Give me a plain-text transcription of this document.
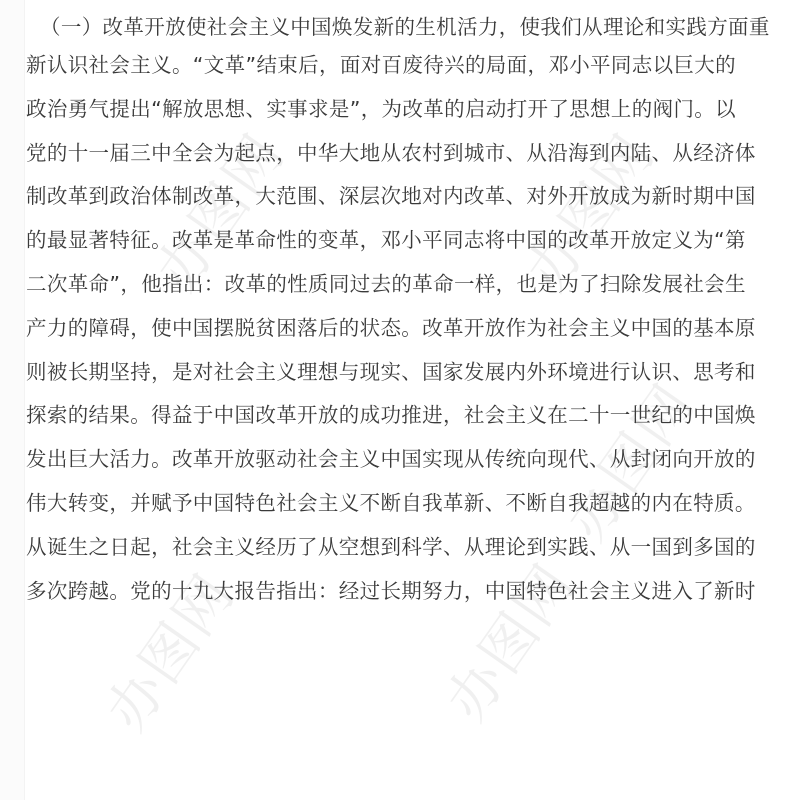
办图网	办图网
办图网
办图网	办图网
（一）改革开放使社会主义中国焕发新的生机活力，使我们从理论和实践方面重
新认识社会主义。“文革”结束后，面对百废待兴的局面，邓小平同志以巨大的
政治勇气提出“解放思想、实事求是”，为改革的启动打开了思想上的阀门。以
党的十一届三中全会为起点，中华大地从农村到城市、从沿海到内陆、从经济体
制改革到政治体制改革，大范围、深层次地对内改革、对外开放成为新时期中国
的最显著特征。改革是革命性的变革，邓小平同志将中国的改革开放定义为“第
二次革命”，他指出：改革的性质同过去的革命一样，也是为了扫除发展社会生
产力的障碍，使中国摆脱贫困落后的状态。改革开放作为社会主义中国的基本原
则被长期坚持，是对社会主义理想与现实、国家发展内外环境进行认识、思考和
探索的结果。得益于中国改革开放的成功推进，社会主义在二十一世纪的中国焕
发出巨大活力。改革开放驱动社会主义中国实现从传统向现代、从封闭向开放的
伟大转变，并赋予中国特色社会主义不断自我革新、不断自我超越的内在特质。
从诞生之日起，社会主义经历了从空想到科学、从理论到实践、从一国到多国的
多次跨越。党的十九大报告指出：经过长期努力，中国特色社会主义进入了新时
